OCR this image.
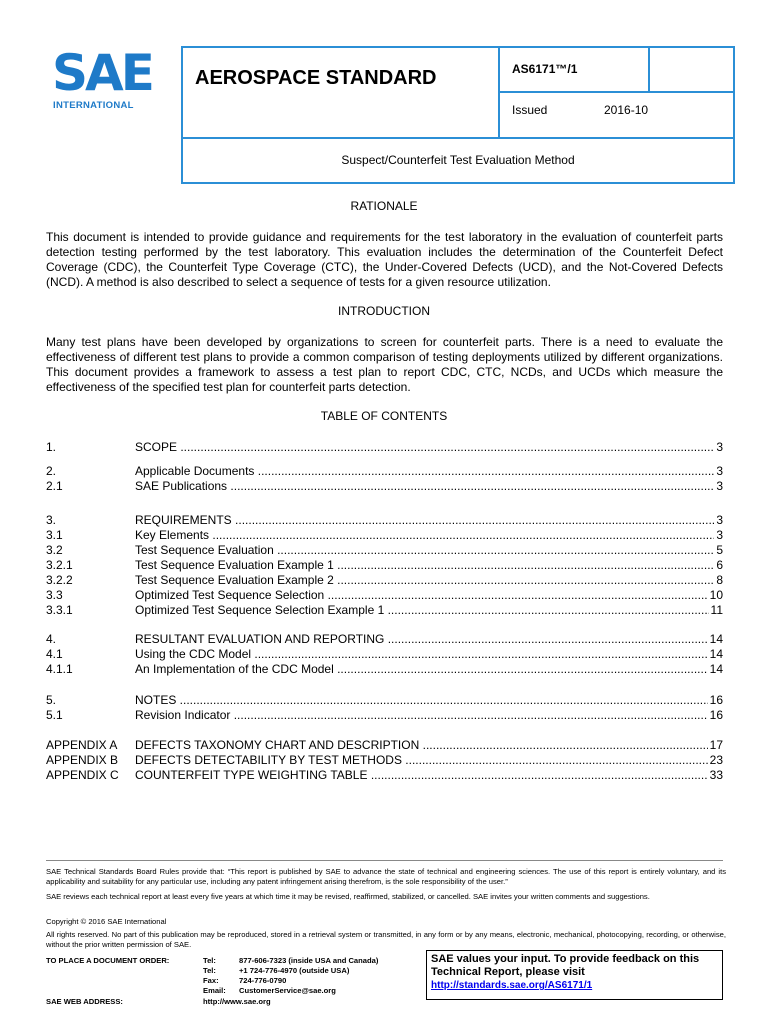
SAE
INTERNATIONAL
AEROSPACE STANDARD	AS6171™/1
Issued	2016-10
Suspect/Counterfeit Test Evaluation Method
RATIONALE
This document is intended to provide guidance and requirements for the test laboratory in the evaluation of counterfeit parts detection testing performed by the test laboratory. This evaluation includes the determination of the Counterfeit Defect Coverage (CDC), the Counterfeit Type Coverage (CTC), the Under-Covered Defects (UCD), and the Not-Covered Defects (NCD). A method is also described to select a sequence of tests for a given resource utilization.
INTRODUCTION
Many test plans have been developed by organizations to screen for counterfeit parts. There is a need to evaluate the effectiveness of different test plans to provide a common comparison of testing deployments utilized by different organizations. This document provides a framework to assess a test plan to report CDC, CTC, NCDs, and UCDs which measure the effectiveness of the specified test plan for counterfeit parts detection.
TABLE OF CONTENTS
1.	SCOPE .....	3
2.	Applicable Documents .....	3
2.1	SAE Publications .....	3
3.	REQUIREMENTS .....	3
3.1	Key Elements .....	3
3.2	Test Sequence Evaluation .....	5
3.2.1	Test Sequence Evaluation Example 1 .....	6
3.2.2	Test Sequence Evaluation Example 2 .....	8
3.3	Optimized Test Sequence Selection .....	10
3.3.1	Optimized Test Sequence Selection Example 1 .....	11
4.	RESULTANT EVALUATION AND REPORTING .....	14
4.1	Using the CDC Model .....	14
4.1.1	An Implementation of the CDC Model .....	14
5.	NOTES .....	16
5.1	Revision Indicator .....	16
APPENDIX A DEFECTS TAXONOMY CHART AND DESCRIPTION .....	17
APPENDIX B DEFECTS DETECTABILITY BY TEST METHODS .....	23
APPENDIX C COUNTERFEIT TYPE WEIGHTING TABLE .....	33
SAE Technical Standards Board Rules provide that: “This report is published by SAE to advance the state of technical and engineering sciences. The use of this report is entirely voluntary, and its applicability and suitability for any particular use, including any patent infringement arising therefrom, is the sole responsibility of the user.”
SAE reviews each technical report at least every five years at which time it may be revised, reaffirmed, stabilized, or cancelled. SAE invites your written comments and suggestions.
Copyright © 2016 SAE International
All rights reserved. No part of this publication may be reproduced, stored in a retrieval system or transmitted, in any form or by any means, electronic, mechanical, photocopying, recording, or otherwise, without the prior written permission of SAE.
TO PLACE A DOCUMENT ORDER:	Tel:	877-606-7323 (inside USA and Canada)
Tel:	+1 724-776-4970 (outside USA)
Fax:	724-776-0790
Email: CustomerService@sae.org
SAE WEB ADDRESS:	http://www.sae.org
SAE values your input. To provide feedback on this Technical Report, please visit
http://standards.sae.org/AS6171/1
